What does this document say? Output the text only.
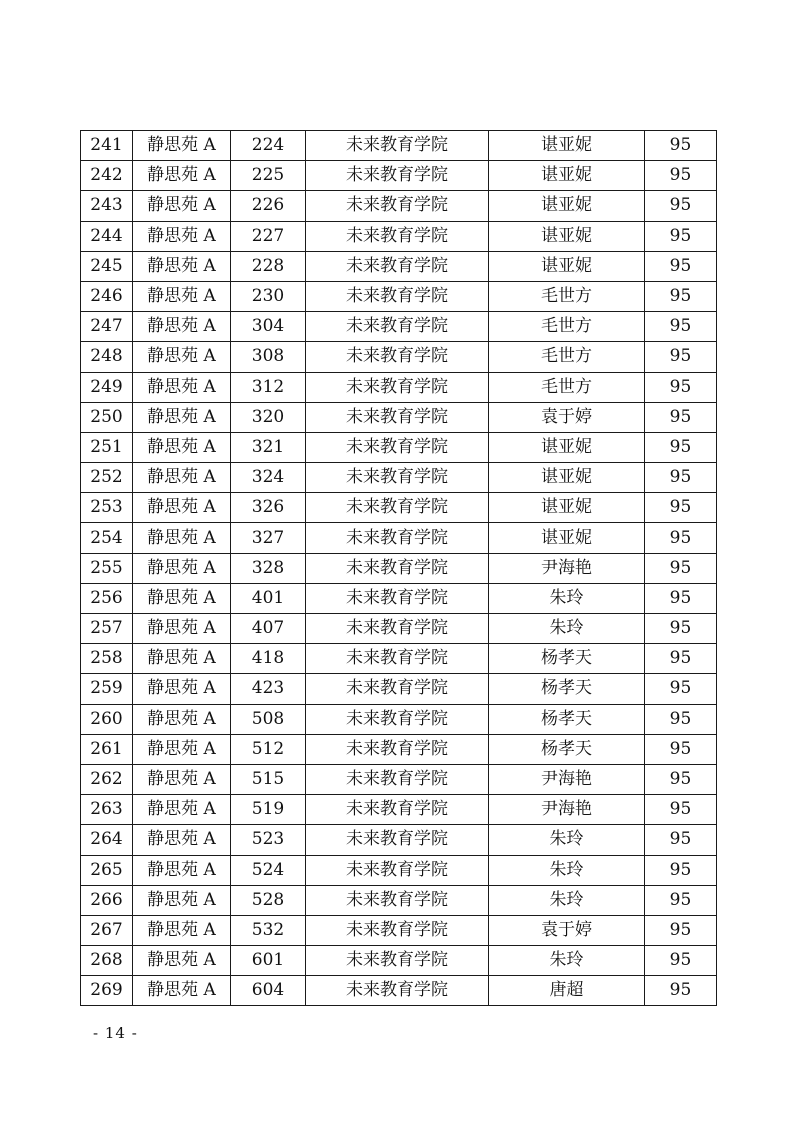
241	静思苑 A	224	未来教育学院	谌亚妮	95
242	静思苑 A	225	未来教育学院	谌亚妮	95
243	静思苑 A	226	未来教育学院	谌亚妮	95
244	静思苑 A	227	未来教育学院	谌亚妮	95
245	静思苑 A	228	未来教育学院	谌亚妮	95
246	静思苑 A	230	未来教育学院	毛世方	95
247	静思苑 A	304	未来教育学院	毛世方	95
248	静思苑 A	308	未来教育学院	毛世方	95
249	静思苑 A	312	未来教育学院	毛世方	95
250	静思苑 A	320	未来教育学院	袁于婷	95
251	静思苑 A	321	未来教育学院	谌亚妮	95
252	静思苑 A	324	未来教育学院	谌亚妮	95
253	静思苑 A	326	未来教育学院	谌亚妮	95
254	静思苑 A	327	未来教育学院	谌亚妮	95
255	静思苑 A	328	未来教育学院	尹海艳	95
256	静思苑 A	401	未来教育学院	朱玲	95
257	静思苑 A	407	未来教育学院	朱玲	95
258	静思苑 A	418	未来教育学院	杨孝天	95
259	静思苑 A	423	未来教育学院	杨孝天	95
260	静思苑 A	508	未来教育学院	杨孝天	95
261	静思苑 A	512	未来教育学院	杨孝天	95
262	静思苑 A	515	未来教育学院	尹海艳	95
263	静思苑 A	519	未来教育学院	尹海艳	95
264	静思苑 A	523	未来教育学院	朱玲	95
265	静思苑 A	524	未来教育学院	朱玲	95
266	静思苑 A	528	未来教育学院	朱玲	95
267	静思苑 A	532	未来教育学院	袁于婷	95
268	静思苑 A	601	未来教育学院	朱玲	95
269	静思苑 A	604	未来教育学院	唐超	95
- 14 -
